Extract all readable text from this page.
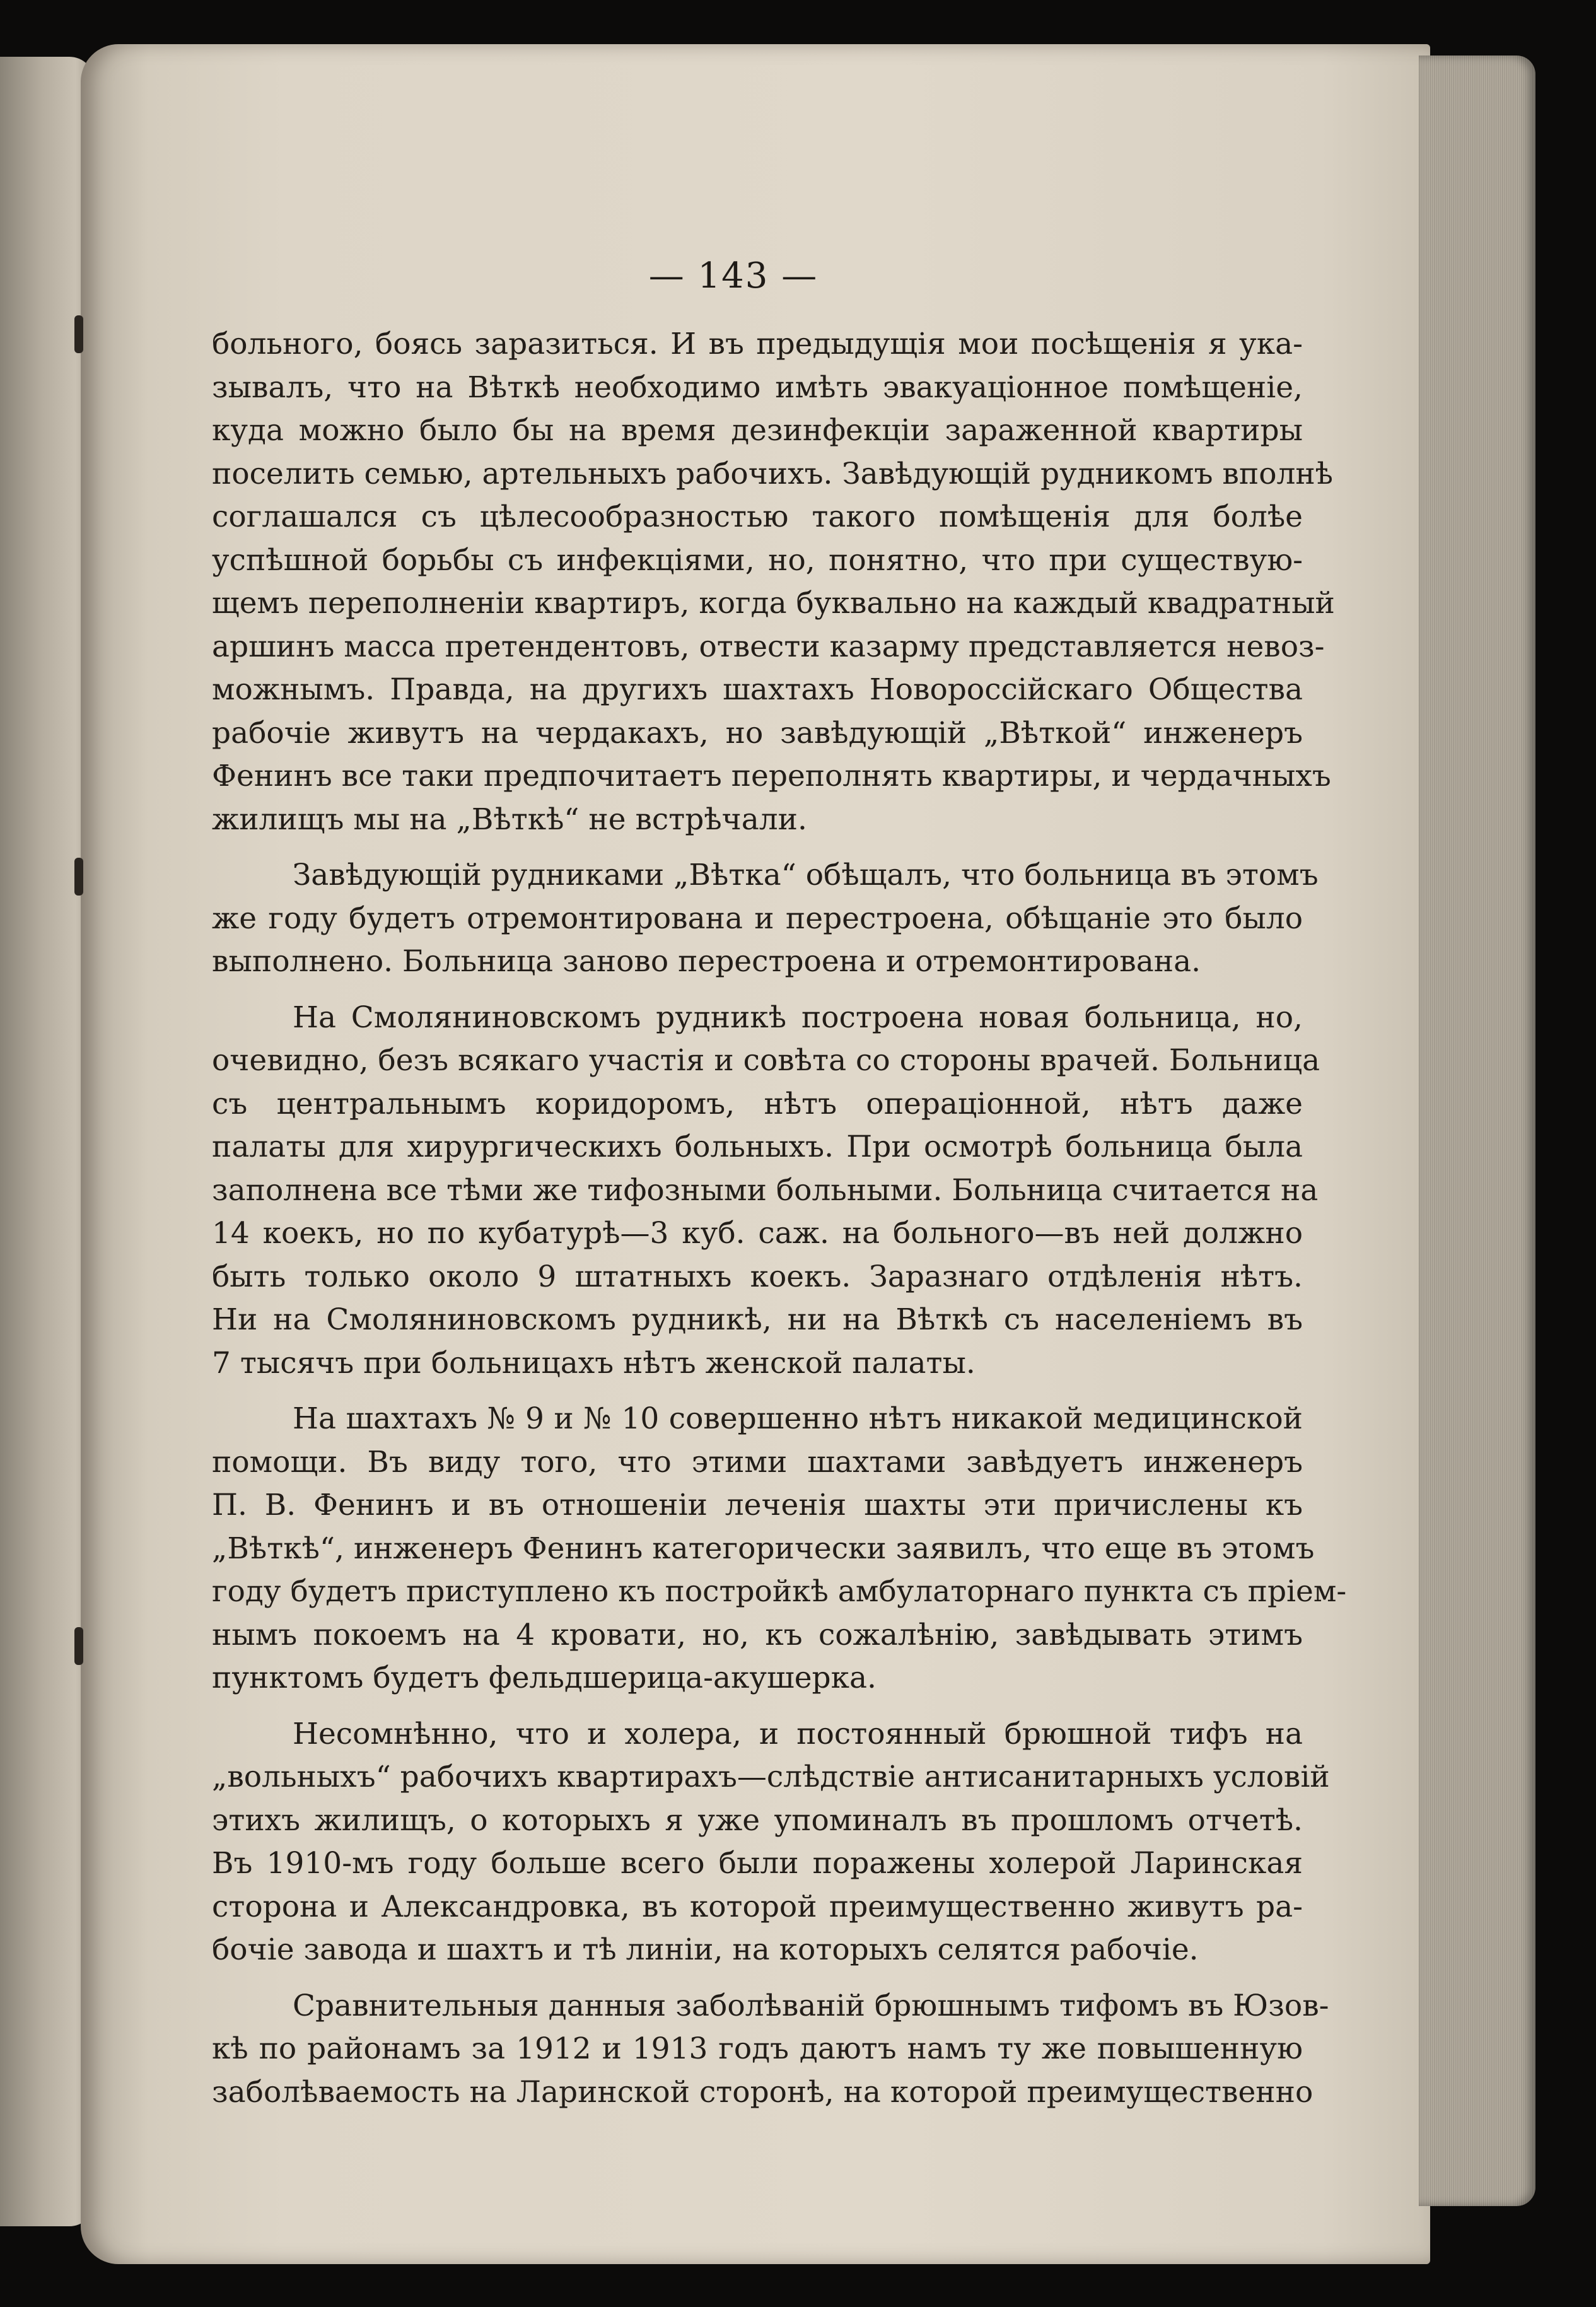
— 143 —
больного, боясь заразиться. И въ предыдущія мои посѣщенія я ука-
зывалъ, что на Вѣткѣ необходимо имѣть эвакуаціонное помѣщеніе,
куда можно было бы на время дезинфекціи зараженной квартиры
поселить семью, артельныхъ рабочихъ. Завѣдующій рудникомъ вполнѣ
соглашался съ цѣлесообразностью такого помѣщенія для болѣе
успѣшной борьбы съ инфекціями, но, понятно, что при существую-
щемъ переполненіи квартиръ, когда буквально на каждый квадратный
аршинъ масса претендентовъ, отвести казарму представляется невоз-
можнымъ. Правда, на другихъ шахтахъ Новороссійскаго Общества
рабочіе живутъ на чердакахъ, но завѣдующій „Вѣткой“ инженеръ
Фенинъ все таки предпочитаетъ переполнять квартиры, и чердачныхъ
жилищъ мы на „Вѣткѣ“ не встрѣчали.
Завѣдующій рудниками „Вѣтка“ обѣщалъ, что больница въ этомъ
же году будетъ отремонтирована и перестроена, обѣщаніе это было
выполнено. Больница заново перестроена и отремонтирована.
На Смоляниновскомъ рудникѣ построена новая больница, но,
очевидно, безъ всякаго участія и совѣта со стороны врачей. Больница
съ центральнымъ коридоромъ, нѣтъ операціонной, нѣтъ даже
палаты для хирургическихъ больныхъ. При осмотрѣ больница была
заполнена все тѣми же тифозными больными. Больница считается на
14 коекъ, но по кубатурѣ—3 куб. саж. на больного—въ ней должно
быть только около 9 штатныхъ коекъ. Заразнаго отдѣленія нѣтъ.
Ни на Смоляниновскомъ рудникѣ, ни на Вѣткѣ съ населеніемъ въ
7 тысячъ при больницахъ нѣтъ женской палаты.
На шахтахъ № 9 и № 10 совершенно нѣтъ никакой медицинской
помощи. Въ виду того, что этими шахтами завѣдуетъ инженеръ
П. В. Фенинъ и въ отношеніи леченія шахты эти причислены къ
„Вѣткѣ“, инженеръ Фенинъ категорически заявилъ, что еще въ этомъ
году будетъ приступлено къ постройкѣ амбулаторнаго пункта съ пріем-
нымъ покоемъ на 4 кровати, но, къ сожалѣнію, завѣдывать этимъ
пунктомъ будетъ фельдшерица-акушерка.
Несомнѣнно, что и холера, и постоянный брюшной тифъ на
„вольныхъ“ рабочихъ квартирахъ—слѣдствіе антисанитарныхъ условій
этихъ жилищъ, о которыхъ я уже упоминалъ въ прошломъ отчетѣ.
Въ 1910-мъ году больше всего были поражены холерой Ларинская
сторона и Александровка, въ которой преимущественно живутъ ра-
бочіе завода и шахтъ и тѣ линіи, на которыхъ селятся рабочіе.
Сравнительныя данныя заболѣваній брюшнымъ тифомъ въ Юзов-
кѣ по районамъ за 1912 и 1913 годъ даютъ намъ ту же повышенную
заболѣваемость на Ларинской сторонѣ, на которой преимущественно
